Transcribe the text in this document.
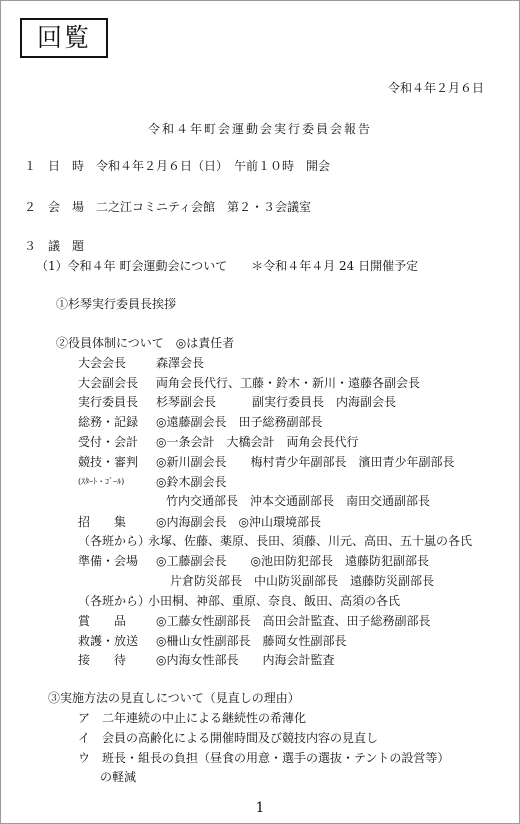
回覧
令和４年２月６日
令和４年町会運動会実行委員会報告
１　日　時　令和４年２月６日（日）　午前１０時　開会
２　会　場　二之江コミニティ会館　第２・３会議室
３　議　題
（1）令和４年 町会運動会について　　＊令和４年４月 24 日開催予定
①杉琴実行委員長挨拶
②役員体制について　◎は責任者
大会会長 森澤会長
大会副会長 両角会長代行、工藤・鈴木・新川・遠藤各副会長
実行委員長 杉琴副会長　　　副実行委員長　内海副会長
総務・記録 ◎遠藤副会長　田子総務副部長
受付・会計 ◎一条会計　大橋会計　両角会長代行
競技・審判 ◎新川副会長　　梅村青少年副部長　濱田青少年副部長
(ｽﾀｰﾄ・ｺﾞｰﾙ)	◎鈴木副会長
竹内交通部長　沖本交通副部長　南田交通副部長
招　　集 ◎内海副会長　◎沖山環境部長
（各班から）
永塚、佐藤、薬原、長田、須藤、川元、高田、五十嵐の各氏
準備・会場 ◎工藤副会長　　◎池田防犯部長　遠藤防犯副部長
片倉防災部長　中山防災副部長　遠藤防災副部長
（各班から）
小田桐、神部、重原、奈良、飯田、高須の各氏
賞　　品 ◎工藤女性副部長　高田会計監査、田子総務副部長
救護・放送 ◎柵山女性副部長　藤岡女性副部長
接　　待 ◎内海女性部長　　内海会計監査
③実施方法の見直しについて（見直しの理由）
ア　二年連続の中止による継続性の希薄化
イ　会員の高齢化による開催時間及び競技内容の見直し
ウ　班長・組長の負担（昼食の用意・選手の選抜・テントの設営等）
の軽減
1
